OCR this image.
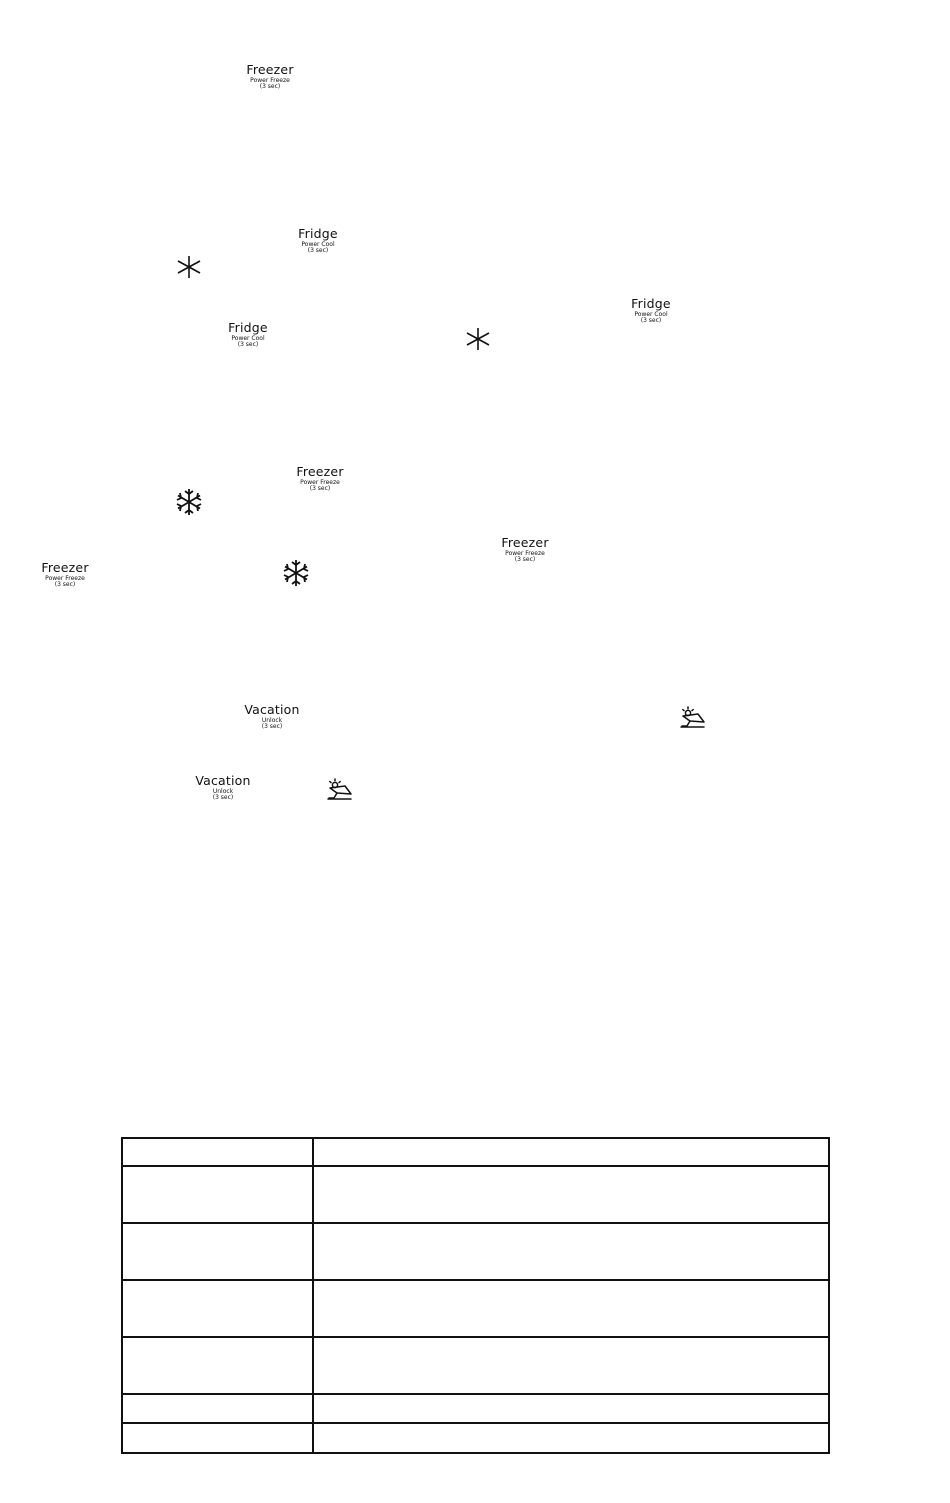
Freezer
Power Freeze
(3 sec)
Fridge
Power Cool
(3 sec)
Fridge
Power Cool
(3 sec)
Fridge
Power Cool
(3 sec)
Freezer
Power Freeze
(3 sec)
Freezer
Power Freeze
(3 sec)
Freezer
Power Freeze
(3 sec)
Vacation
Unlock
(3 sec)
Vacation
Unlock
(3 sec)
